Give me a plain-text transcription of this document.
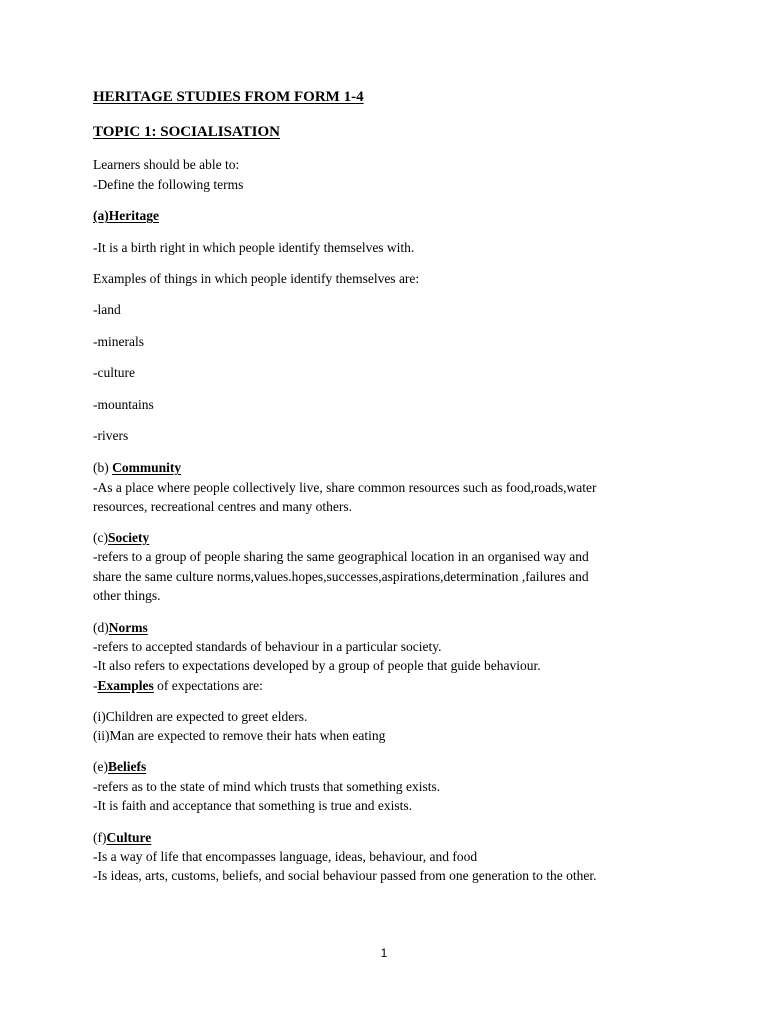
HERITAGE STUDIES FROM FORM 1-4
TOPIC 1: SOCIALISATION
Learners should be able to:
-Define the following terms
(a)Heritage
-It is a birth right in which people identify themselves with.
Examples of things in which people identify themselves are:
-land
-minerals
-culture
-mountains
-rivers
(b) Community
-As a place where people collectively live, share common resources such as food,roads,water
resources, recreational centres and many others.
(c)Society
-refers to a group of people sharing the same geographical location in an organised way and
share the same culture norms,values.hopes,successes,aspirations,determination ,failures and
other things.
(d)Norms
-refers to accepted standards of behaviour in a particular society.
-It also refers to expectations developed by a group of people that guide behaviour.
-Examples of expectations are:
(i)Children are expected to greet elders.
(ii)Man are expected to remove their hats when eating
(e)Beliefs
-refers as to the state of mind which trusts that something exists.
-It is faith and acceptance that something is true and exists.
(f)Culture
-Is a way of life that encompasses language, ideas, behaviour, and food
-Is ideas, arts, customs, beliefs, and social behaviour passed from one generation to the other.
1
